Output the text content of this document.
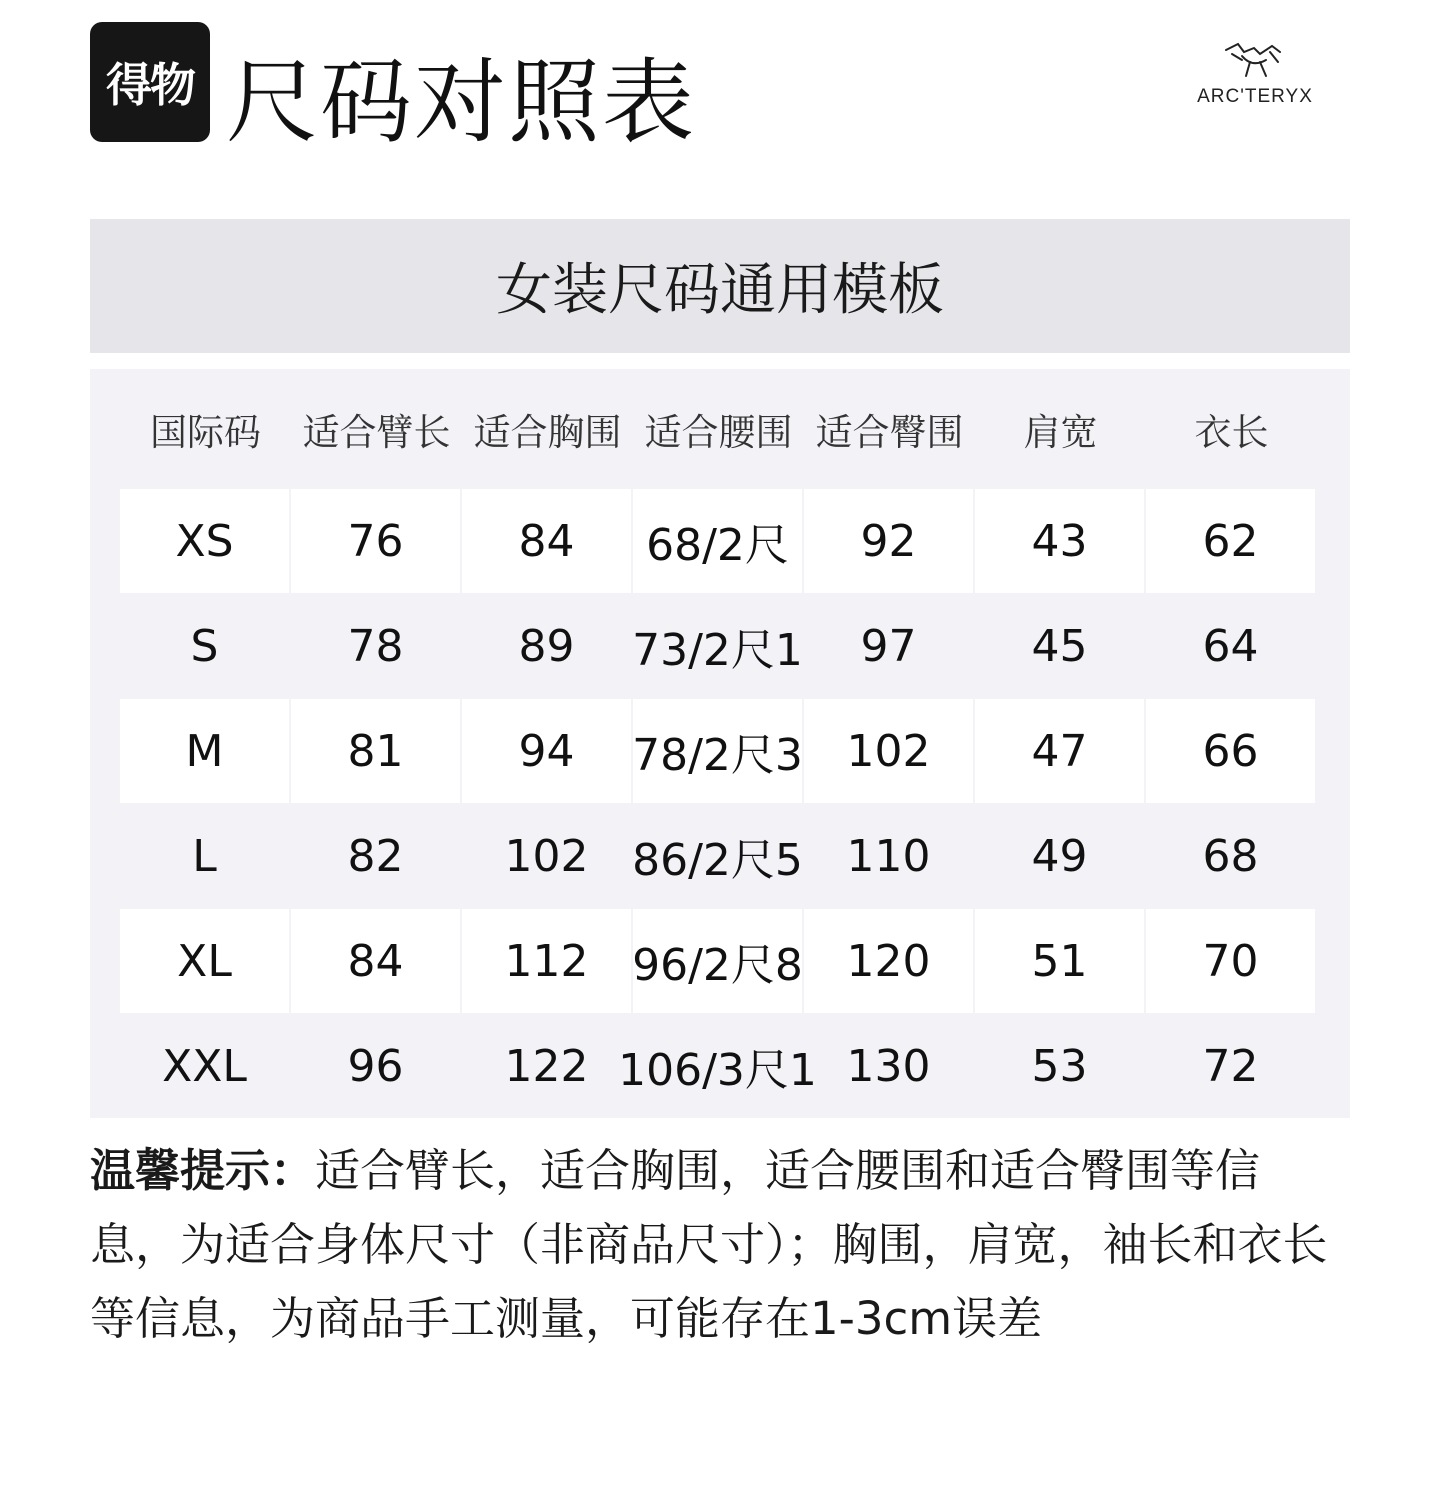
得物 尺码对照表	ARC'TERYX
女装尺码通用模板
国际码	适合臂长 适合胸围 适合腰围 适合臀围	肩宽	衣长
XS	76	84	68/2尺	92	43	62
S	78	89	73/2尺1	97	45	64
M	81	94	78/2尺3 102	47	66
L	82	102 86/2尺5 110	49	68
XL	84	112 96/2尺8 120	51	70
XXL	96	122 106/3尺1 130	53	72
温馨提示：适合臂长，适合胸围，适合腰围和适合臀围等信息，为适合身体尺寸（非商品尺寸）；胸围，肩宽，袖长和衣长等信息，为商品手工测量，可能存在1-3cm误差
